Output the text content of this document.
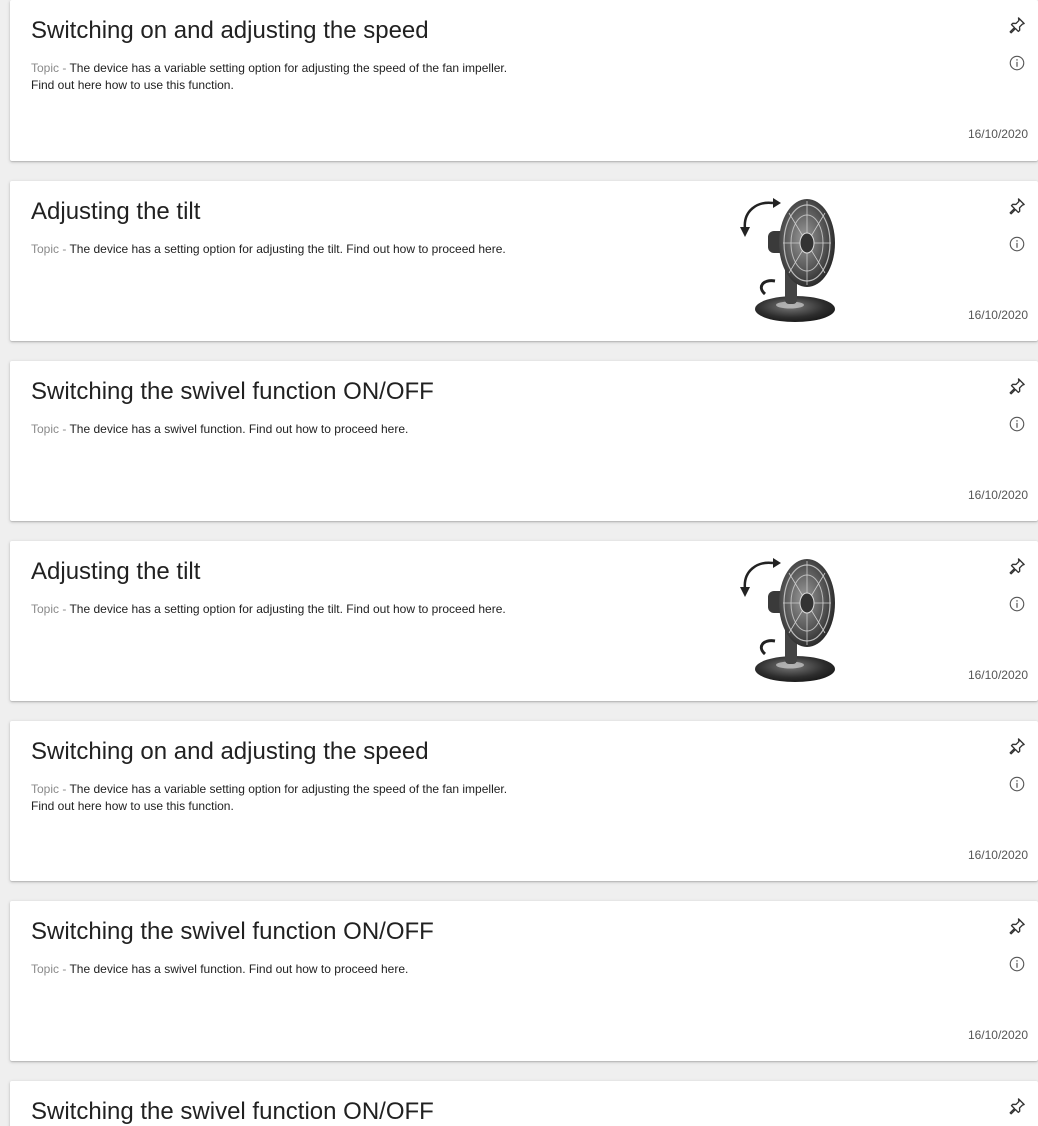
Switching on and adjusting the speed
Topic - The device has a variable setting option for adjusting the speed of the fan impeller.
Find out here how to use this function.
16/10/2020
Adjusting the tilt
Topic - The device has a setting option for adjusting the tilt. Find out how to proceed here.
16/10/2020
Switching the swivel function ON/OFF
Topic - The device has a swivel function. Find out how to proceed here.
16/10/2020
Adjusting the tilt
Topic - The device has a setting option for adjusting the tilt. Find out how to proceed here.
16/10/2020
Switching on and adjusting the speed
Topic - The device has a variable setting option for adjusting the speed of the fan impeller.
Find out here how to use this function.
16/10/2020
Switching the swivel function ON/OFF
Topic - The device has a swivel function. Find out how to proceed here.
16/10/2020
Switching the swivel function ON/OFF
